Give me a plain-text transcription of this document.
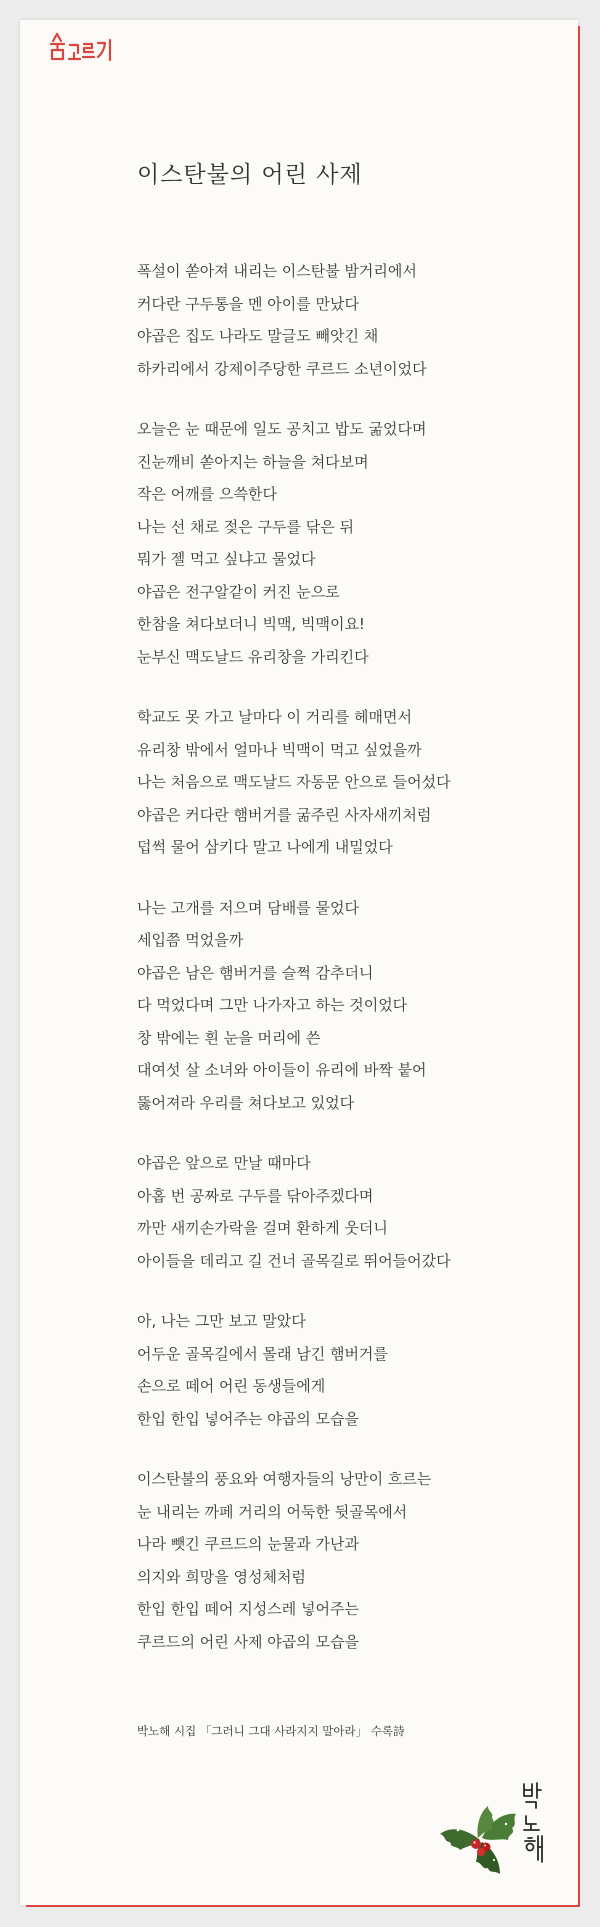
이스탄불의 어린 사제
폭설이 쏟아져 내리는 이스탄불 밤거리에서
커다란 구두통을 멘 아이를 만났다
야곱은 집도 나라도 말글도 빼앗긴 채
하카리에서 강제이주당한 쿠르드 소년이었다
오늘은 눈 때문에 일도 공치고 밥도 굶었다며
진눈깨비 쏟아지는 하늘을 쳐다보며
작은 어깨를 으쓱한다
나는 선 채로 젖은 구두를 닦은 뒤
뭐가 젤 먹고 싶냐고 물었다
야곱은 전구알같이 커진 눈으로
한참을 쳐다보더니 빅맥, 빅맥이요!
눈부신 맥도날드 유리창을 가리킨다
학교도 못 가고 날마다 이 거리를 헤매면서
유리창 밖에서 얼마나 빅맥이 먹고 싶었을까
나는 처음으로 맥도날드 자동문 안으로 들어섰다
야곱은 커다란 햄버거를 굶주린 사자새끼처럼
덥썩 물어 삼키다 말고 나에게 내밀었다
나는 고개를 저으며 담배를 물었다
세입쯤 먹었을까
야곱은 남은 햄버거를 슬쩍 감추더니
다 먹었다며 그만 나가자고 하는 것이었다
창 밖에는 흰 눈을 머리에 쓴
대여섯 살 소녀와 아이들이 유리에 바짝 붙어
뚫어져라 우리를 쳐다보고 있었다
야곱은 앞으로 만날 때마다
아홉 번 공짜로 구두를 닦아주겠다며
까만 새끼손가락을 걸며 환하게 웃더니
아이들을 데리고 길 건너 골목길로 뛰어들어갔다
아, 나는 그만 보고 말았다
어두운 골목길에서 몰래 남긴 햄버거를
손으로 떼어 어린 동생들에게
한입 한입 넣어주는 야곱의 모습을
이스탄불의 풍요와 여행자들의 낭만이 흐르는
눈 내리는 까페 거리의 어둑한 뒷골목에서
나라 뺏긴 쿠르드의 눈물과 가난과
의지와 희망을 영성체처럼
한입 한입 떼어 지성스레 넣어주는
쿠르드의 어린 사제 야곱의 모습을
박노해 시집 「그러니 그대 사라지지 말아라」 수록詩
